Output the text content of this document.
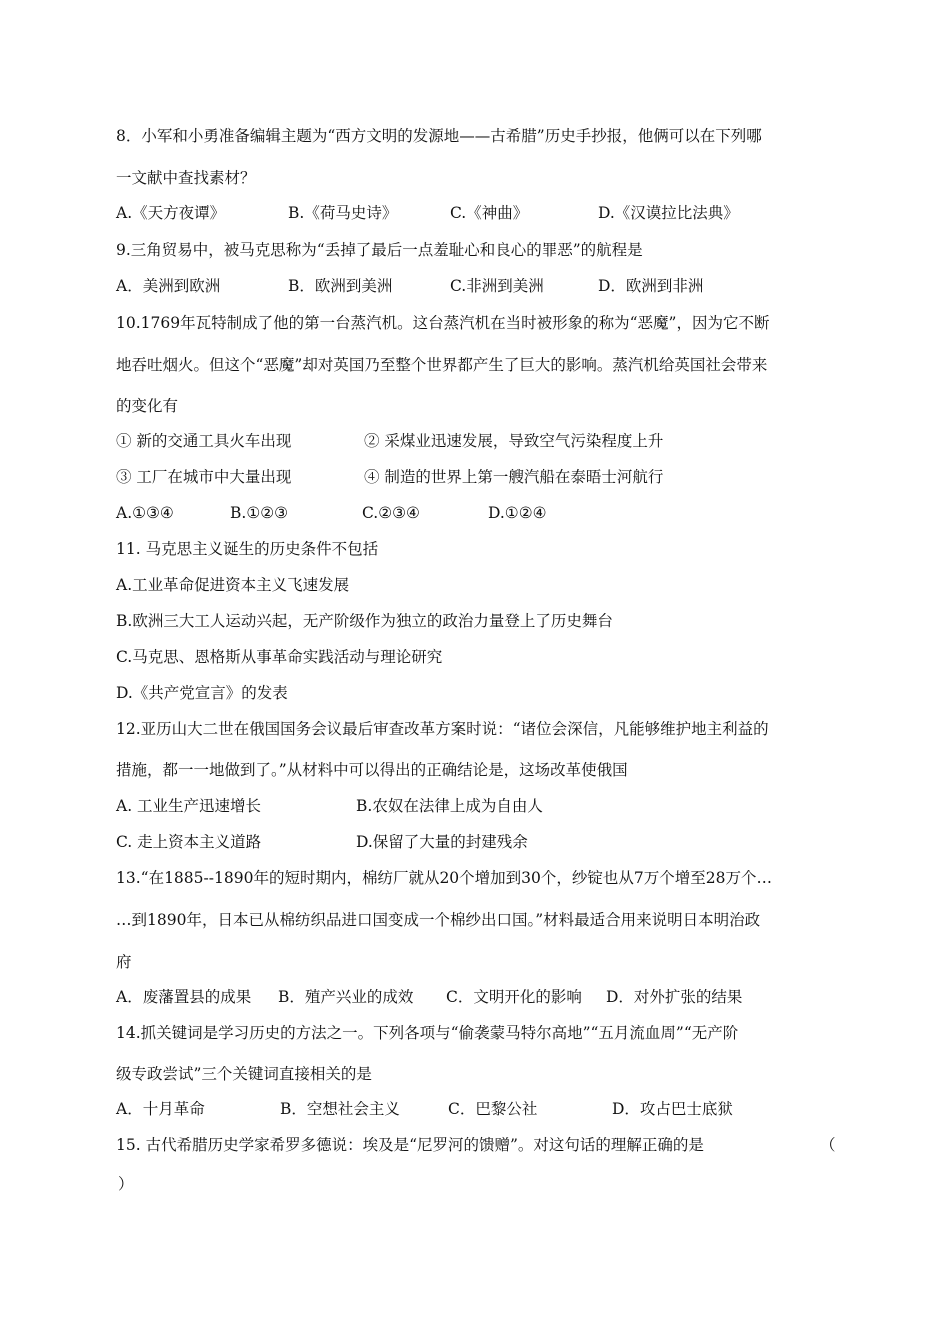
8．小军和小勇准备编辑主题为“西方文明的发源地——古希腊”历史手抄报，他俩可以在下列哪
一文献中查找素材？
A.《天方夜谭》	B.《荷马史诗》	C.《神曲》	D.《汉谟拉比法典》
9.三角贸易中，被马克思称为“丢掉了最后一点羞耻心和良心的罪恶”的航程是
A．美洲到欧洲	B．欧洲到美洲	C.非洲到美洲	D．欧洲到非洲
10.1769年瓦特制成了他的第一台蒸汽机。这台蒸汽机在当时被形象的称为“恶魔”，因为它不断
地吞吐烟火。但这个“恶魔”却对英国乃至整个世界都产生了巨大的影响。蒸汽机给英国社会带来
的变化有
① 新的交通工具火车出现	② 采煤业迅速发展，导致空气污染程度上升
③ 工厂在城市中大量出现	④ 制造的世界上第一艘汽船在泰晤士河航行
A.①③④	B.①②③	C.②③④	D.①②④
11. 马克思主义诞生的历史条件不包括
A.工业革命促进资本主义飞速发展
B.欧洲三大工人运动兴起，无产阶级作为独立的政治力量登上了历史舞台
C.马克思、恩格斯从事革命实践活动与理论研究
D.《共产党宣言》的发表
12.亚历山大二世在俄国国务会议最后审查改革方案时说：“诸位会深信，凡能够维护地主利益的
措施，都一一地做到了。”从材料中可以得出的正确结论是，这场改革使俄国
A. 工业生产迅速增长	B.农奴在法律上成为自由人
C. 走上资本主义道路	D.保留了大量的封建残余
13.“在1885--1890年的短时期内，棉纺厂就从20个增加到30个，纱锭也从7万个增至28万个…
…到1890年，日本已从棉纺织品进口国变成一个棉纱出口国。”材料最适合用来说明日本明治政
府
A．废藩置县的成果 B．殖产兴业的成效 C．文明开化的影响 D．对外扩张的结果
14.抓关键词是学习历史的方法之一。下列各项与“偷袭蒙马特尔高地”“五月流血周”“无产阶
级专政尝试”三个关键词直接相关的是
A．十月革命	B．空想社会主义	C．巴黎公社	D．攻占巴士底狱
15. 古代希腊历史学家希罗多德说：埃及是“尼罗河的馈赠”。对这句话的理解正确的是	（
）
